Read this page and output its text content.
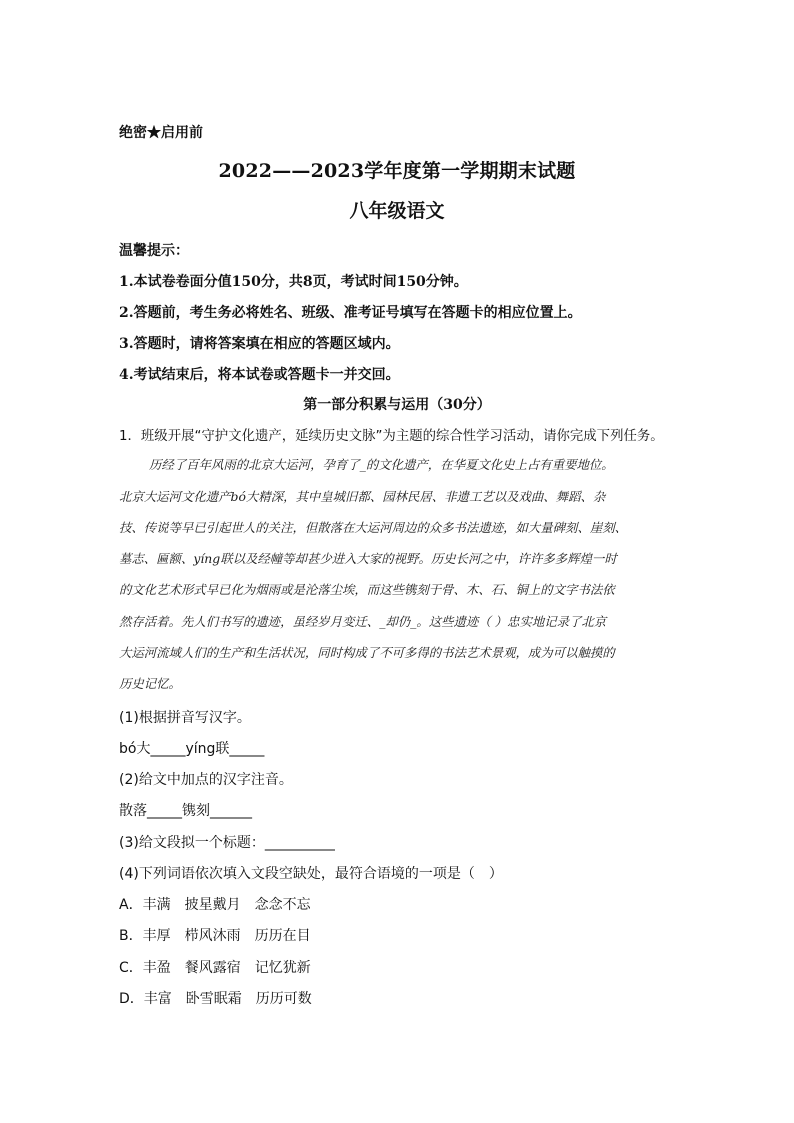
绝密★启用前
2022——2023学年度第一学期期末试题
八年级语文
温馨提示：
1.本试卷卷面分值150分，共8页，考试时间150分钟。
2.答题前，考生务必将姓名、班级、准考证号填写在答题卡的相应位置上。
3.答题时，请将答案填在相应的答题区域内。
4.考试结束后，将本试卷或答题卡一并交回。
第一部分积累与运用（30分）
1．班级开展“守护文化遗产，延续历史文脉”为主题的综合性学习活动，请你完成下列任务。
历经了百年风雨的北京大运河，孕育了_的文化遗产，在华夏文化史上占有重要地位。
北京大运河文化遗产bó大精深，其中皇城旧都、园林民居、非遗工艺以及戏曲、舞蹈、杂
技、传说等早已引起世人的关注，但散落在大运河周边的众多书法遗迹，如大量碑刻、崖刻、
墓志、匾额、yíng联以及经幢等却甚少进入大家的视野。历史长河之中，许许多多辉煌一时
的文化艺术形式早已化为烟雨或是沦落尘埃，而这些镌刻于骨、木、石、铜上的文字书法依
然存活着。先人们书写的遗迹，虽经岁月变迁、_却仍_。这些遗迹（ ）忠实地记录了北京
大运河流域人们的生产和生活状况，同时构成了不可多得的书法艺术景观，成为可以触摸的
历史记忆。
(1)根据拼音写汉字。
bó大_____yíng联_____
(2)给文中加点的汉字注音。
散落_____镌刻______
(3)给文段拟一个标题：__________
(4)下列词语依次填入文段空缺处，最符合语境的一项是（　）
A．丰满　披星戴月　念念不忘
B．丰厚　栉风沐雨　历历在目
C．丰盈　餐风露宿　记忆犹新
D．丰富　卧雪眠霜　历历可数
